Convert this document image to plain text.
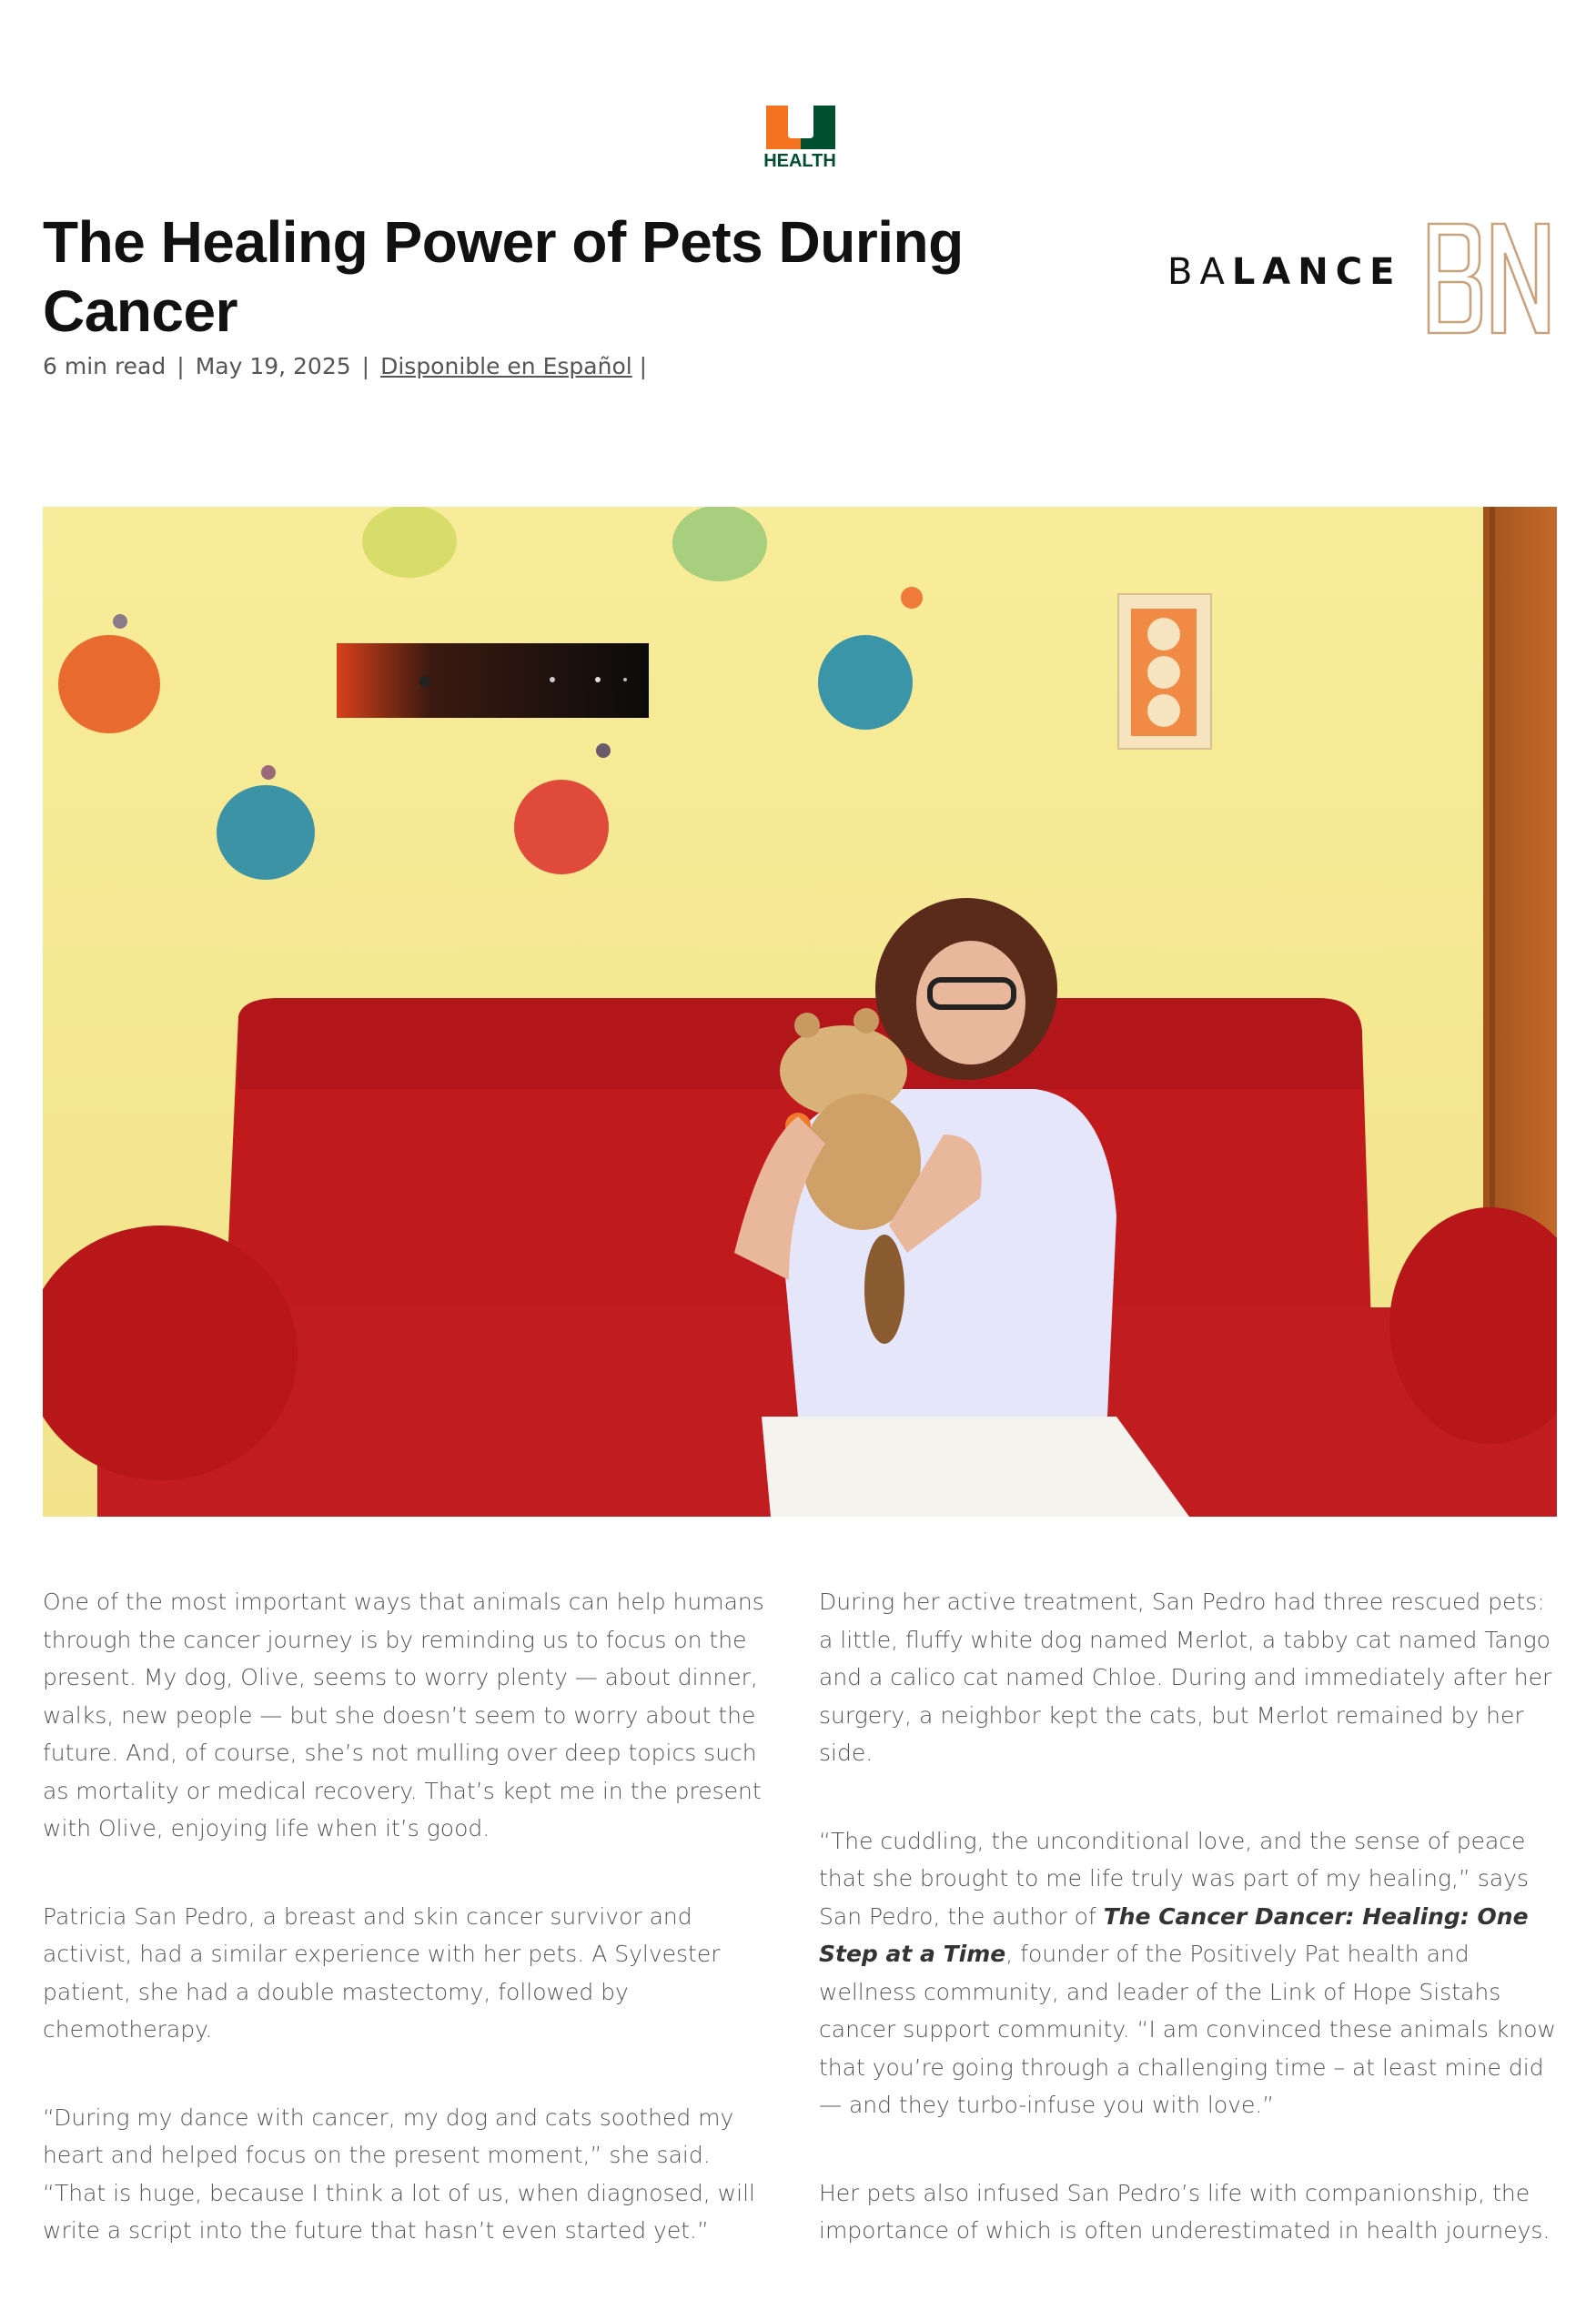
HEALTH
The Healing Power of Pets During Cancer
6 min read | May 19, 2025 | Disponible en Español |
BALANCE

One of the most important ways that animals can help humans through the cancer journey is by reminding us to focus on the present. My dog, Olive, seems to worry plenty — about dinner, walks, new people — but she doesn’t seem to worry about the future. And, of course, she’s not mulling over deep topics such as mortality or medical recovery. That’s kept me in the present with Olive, enjoying life when it’s good.

Patricia San Pedro, a breast and skin cancer survivor and activist, had a similar experience with her pets. A Sylvester patient, she had a double mastectomy, followed by chemotherapy.

“During my dance with cancer, my dog and cats soothed my heart and helped focus on the present moment,” she said. “That is huge, because I think a lot of us, when diagnosed, will write a script into the future that hasn’t even started yet.”

During her active treatment, San Pedro had three rescued pets: a little, fluffy white dog named Merlot, a tabby cat named Tango and a calico cat named Chloe. During and immediately after her surgery, a neighbor kept the cats, but Merlot remained by her side.

“The cuddling, the unconditional love, and the sense of peace that she brought to me life truly was part of my healing,” says San Pedro, the author of The Cancer Dancer: Healing: One Step at a Time, founder of the Positively Pat health and wellness community, and leader of the Link of Hope Sistahs cancer support community. “I am convinced these animals know that you’re going through a challenging time – at least mine did — and they turbo-infuse you with love.”

Her pets also infused San Pedro’s life with companionship, the importance of which is often underestimated in health journeys.
